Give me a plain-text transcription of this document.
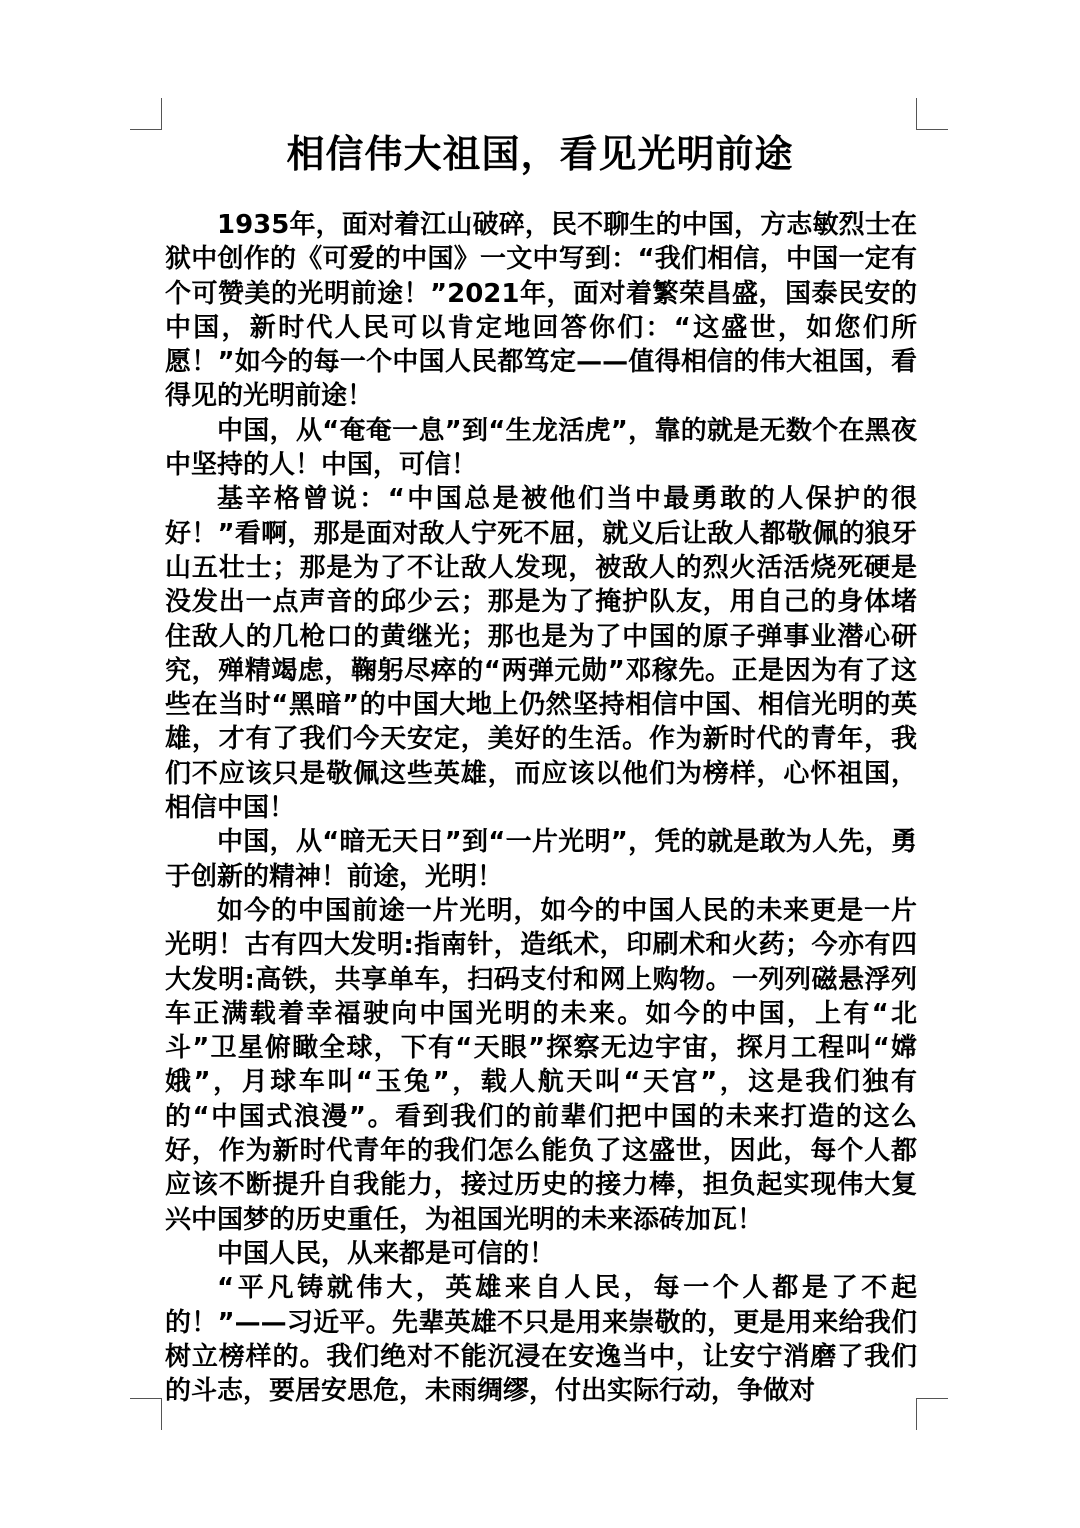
相信伟大祖国，看见光明前途

1935年，面对着江山破碎，民不聊生的中国，方志敏烈士在狱中创作的《可爱的中国》一文中写到：“我们相信，中国一定有个可赞美的光明前途！”2021年，面对着繁荣昌盛，国泰民安的中国，新时代人民可以肯定地回答你们：“这盛世，如您们所愿！”如今的每一个中国人民都笃定——值得相信的伟大祖国，看得见的光明前途！

中国，从“奄奄一息”到“生龙活虎”，靠的就是无数个在黑夜中坚持的人！中国，可信！

基辛格曾说：“中国总是被他们当中最勇敢的人保护的很好！”看啊，那是面对敌人宁死不屈，就义后让敌人都敬佩的狼牙山五壮士；那是为了不让敌人发现，被敌人的烈火活活烧死硬是没发出一点声音的邱少云；那是为了掩护队友，用自己的身体堵住敌人的几枪口的黄继光；那也是为了中国的原子弹事业潜心研究，殚精竭虑，鞠躬尽瘁的“两弹元勋”邓稼先。正是因为有了这些在当时“黑暗”的中国大地上仍然坚持相信中国、相信光明的英雄，才有了我们今天安定，美好的生活。作为新时代的青年，我们不应该只是敬佩这些英雄，而应该以他们为榜样，心怀祖国，相信中国！

中国，从“暗无天日”到“一片光明”，凭的就是敢为人先，勇于创新的精神！前途，光明！

如今的中国前途一片光明，如今的中国人民的未来更是一片光明！古有四大发明:指南针，造纸术，印刷术和火药；今亦有四大发明:高铁，共享单车，扫码支付和网上购物。一列列磁悬浮列车正满载着幸福驶向中国光明的未来。如今的中国，上有“北斗”卫星俯瞰全球，下有“天眼”探察无边宇宙，探月工程叫“嫦娥”，月球车叫“玉兔”，载人航天叫“天宫”，这是我们独有的“中国式浪漫”。看到我们的前辈们把中国的未来打造的这么好，作为新时代青年的我们怎么能负了这盛世，因此，每个人都应该不断提升自我能力，接过历史的接力棒，担负起实现伟大复兴中国梦的历史重任，为祖国光明的未来添砖加瓦！

中国人民，从来都是可信的！

“平凡铸就伟大，英雄来自人民，每一个人都是了不起的！”——习近平。先辈英雄不只是用来崇敬的，更是用来给我们树立榜样的。我们绝对不能沉浸在安逸当中，让安宁消磨了我们的斗志，要居安思危，未雨绸缪，付出实际行动，争做对
